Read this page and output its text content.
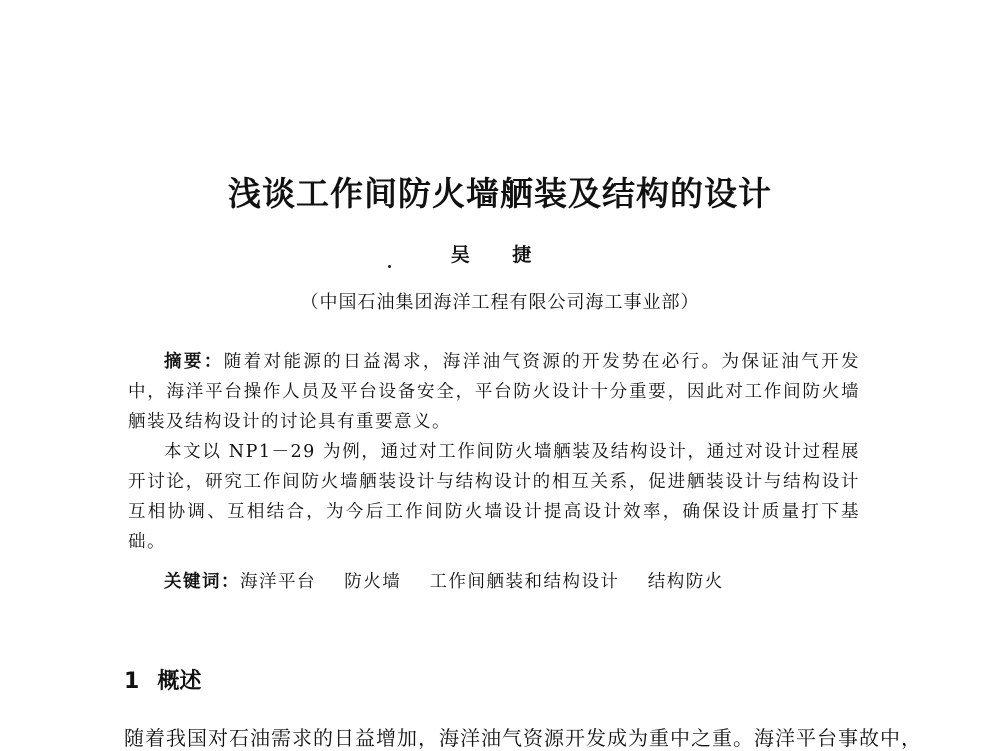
浅谈工作间防火墙舾装及结构的设计
吴 捷
（中国石油集团海洋工程有限公司海工事业部）

摘要：随着对能源的日益渴求，海洋油气资源的开发势在必行。为保证油气开发中，海洋平台操作人员及平台设备安全，平台防火设计十分重要，因此对工作间防火墙舾装及结构设计的讨论具有重要意义。

本文以 NP1－29 为例，通过对工作间防火墙舾装及结构设计，通过对设计过程展开讨论，研究工作间防火墙舾装设计与结构设计的相互关系，促进舾装设计与结构设计互相协调、互相结合，为今后工作间防火墙设计提高设计效率，确保设计质量打下基础。

关键词：海洋平台    防火墙    工作间舾装和结构设计    结构防火
1 概述
随着我国对石油需求的日益增加，海洋油气资源开发成为重中之重。海洋平台事故中，
